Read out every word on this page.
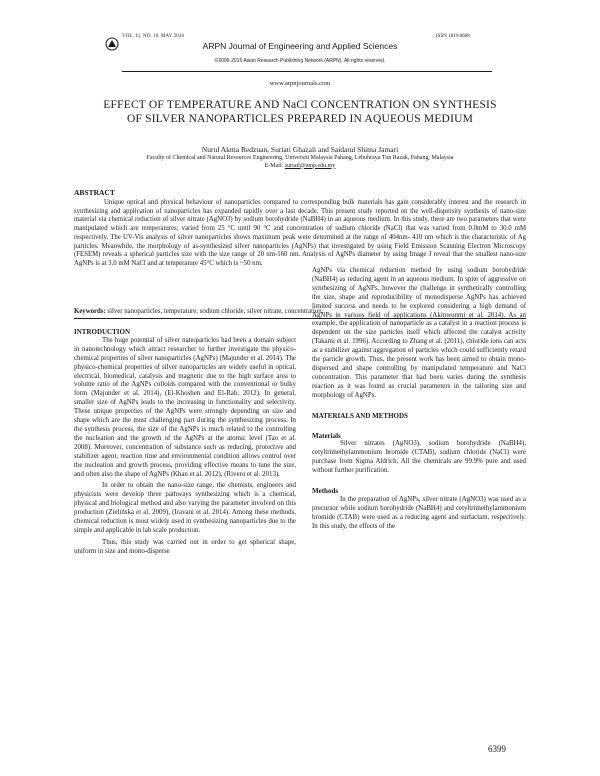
VOL. 11, NO. 10, MAY 2016	ISSN 1819-6608
ARPN Journal of Engineering and Applied Sciences
©2006-2016 Asian Research Publishing Network (ARPN). All rights reserved.
www.arpnjournals.com
EFFECT OF TEMPERATURE AND NaCl CONCENTRATION ON SYNTHESIS OF SILVER NANOPARTICLES PREPARED IN AQUEOUS MEDIUM
Nurul Akma Redzuan, Suriati Ghazali and Saidatul Shima Jamari
Faculty of Chemical and Natural Resources Engineering, Universiti Malaysia Pahang, Lebuhraya Tun Razak, Pahang, Malaysia
E-Mail: suriati@ump.edu.my
ABSTRACT

Unique optical and physical behaviour of nanoparticles compared to corresponding bulk materials has gain considerably interest and the research in synthesizing and application of nanoparticles has expanded rapidly over a last decade. This present study reported on the well-dispersity synthesis of nano-size material via chemical reduction of silver nitrate (AgNO3) by sodium borohydride (NaBH4) in an aqueous medium. In this study, there are two parameters that were manipulated which are temperatures; varied from 25 °C until 90 °C and concentration of sodium chloride (NaCl) that was varied from 0.0mM to 30.0 mM respectively. The UV-Vis analysis of silver nanoparticles shows maximum peak were determined at the range of 404nm- 410 nm which is the characteristic of Ag particles. Meanwhile, the morphology of as-synthesized silver nanoparticles (AgNPs) that investigated by using Field Emission Scanning Electron Microscopy (FESEM) reveals a spherical particles size with the size range of 20 nm-160 nm. Analysis of AgNPs diameter by using Image J reveal that the smallest nano-size AgNPs is at 3.0 mM NaCl and at temperature 45°C which is ~50 nm.

Keywords: silver nanoparticles, temperature, sodium chloride, silver nitrate, concentration.

INTRODUCTION

The huge potential of silver nanoparticles had been a domain subject in nanotechnology which attract researcher to further investigate the physico-chemical properties of silver nanoparticles (AgNPs) (Majunder et al. 2014). The physico-chemical properties of silver nanoparticles are widely useful in optical, electrical, biomedical, catalysis and magnetic due to the high surface area to volume ratio of the AgNPs colloids compared with the conventional or bulky form (Majunder et al. 2014), (El-Khoshen and El-Rab, 2012). In general, smaller size of AgNPs leads to the increasing in functionality and selectivity. These unique properties of the AgNPs were strongly depending on size and shape which are the most challenging part during the synthesizing process. In the synthesis process, the size of the AgNPs is much related to the controlling the nucleation and the growth of the AgNPs at the atomic level (Tao et al. 2008). Moreover, concentration of substance such as reducing, protective and stabilizer agent, reaction time and environmental condition allows control over the nucleation and growth process, providing effective means to tune the size, and often also the shape of AgNPs (Khan et al. 2012), (Rivero et al. 2013).

In order to obtain the nano-size range, the chemists, engineers and physicists were develop three pathways synthesizing which is a chemical, physical and biological method and also varying the parameter involved on this production (Zielińska et al. 2009), (Iravani et al. 2014). Among these methods, chemical reduction is most widely used in synthesizing nanoparticles due to the simple and applicable in lab scale production.

Thus, this study was carried out in order to get spherical shape, uniform in size and mono-disperse

AgNPs via chemical reduction method by using sodium borohydride (NaBH4) as reducing agent in an aqueous medium. In spite of aggressive on synthesizing of AgNPs, however the challenge in synthetically controlling the size, shape and reproducibility of monodisperse AgNPs has achieved limited success and needs to be explored considering a high demand of AgNPs in various field of applications (Akinwunmi et al. 2014). As an example, the application of nanoparticle as a catalyst in a reaction process is dependent on the size particles itself which affected the catalyst activity (Takami et al. 1996). According to Zhang et al. (2011), chloride ions can acts as a stabilizer against aggregation of particles which could sufficiently retard the particle growth. Thus, the present work has been aimed to obtain mono-dispersed and shape controlling by manipulated temperature and NaCl concentration. This parameter that had been varies during the synthesis reaction as it was found as crucial parameters in the tailoring size and morphology of AgNPs.

MATERIALS AND METHODS

Materials

Silver nitrates (AgNO3), sodium borohydride (NaBH4), cetyltrimethylammonium bromide (CTAB), sodium chloride (NaCl) were purchase from Sigma Aldrich. All the chemicals are 99.9% pure and used without further purification.

Methods

In the preparation of AgNPs, silver nitrate (AgNO3) was used as a precursor while sodium borohydride (NaBH4) and cetyltrimethylammonium bromide (CTAB) were used as a reducing agent and surfactant, respectively. In this study, the effects of the

6399
